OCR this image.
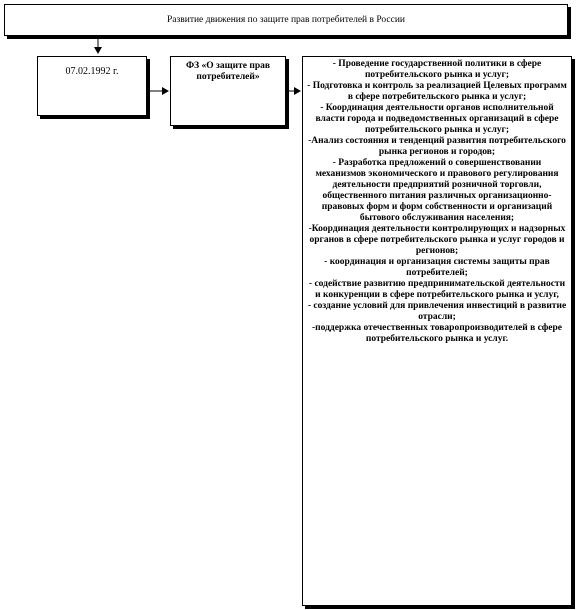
Развитие движения по защите прав потребителей в России
07.02.1992 г.	ФЗ «О защите прав потребителей»
- Проведение государственной политики в сфере потребительского рынка и услуг;
- Подготовка и контроль за реализацией Целевых программ в сфере потребительского рынка и услуг;
- Координация деятельности органов исполнительной власти города и подведомственных организаций в сфере потребительского рынка и услуг;
-Анализ состояния и тенденций развития потребительского рынка регионов и городов;
- Разработка предложений о совершенствовании механизмов экономического и правового регулирования деятельности предприятий розничной торговли, общественного питания различных организационно-правовых форм и форм собственности и организаций бытового обслуживания населения;
-Координация деятельности контролирующих и надзорных органов в сфере потребительского рынка и услуг городов и регионов;
- координация и организация системы защиты прав потребителей;
- содействие развитию предпринимательской деятельности и конкуренции в сфере потребительского рынка и услуг,
- создание условий для привлечения инвестиций в развитие отрасли;
-поддержка отечественных товаропроизводителей в сфере потребительского рынка и услуг.
